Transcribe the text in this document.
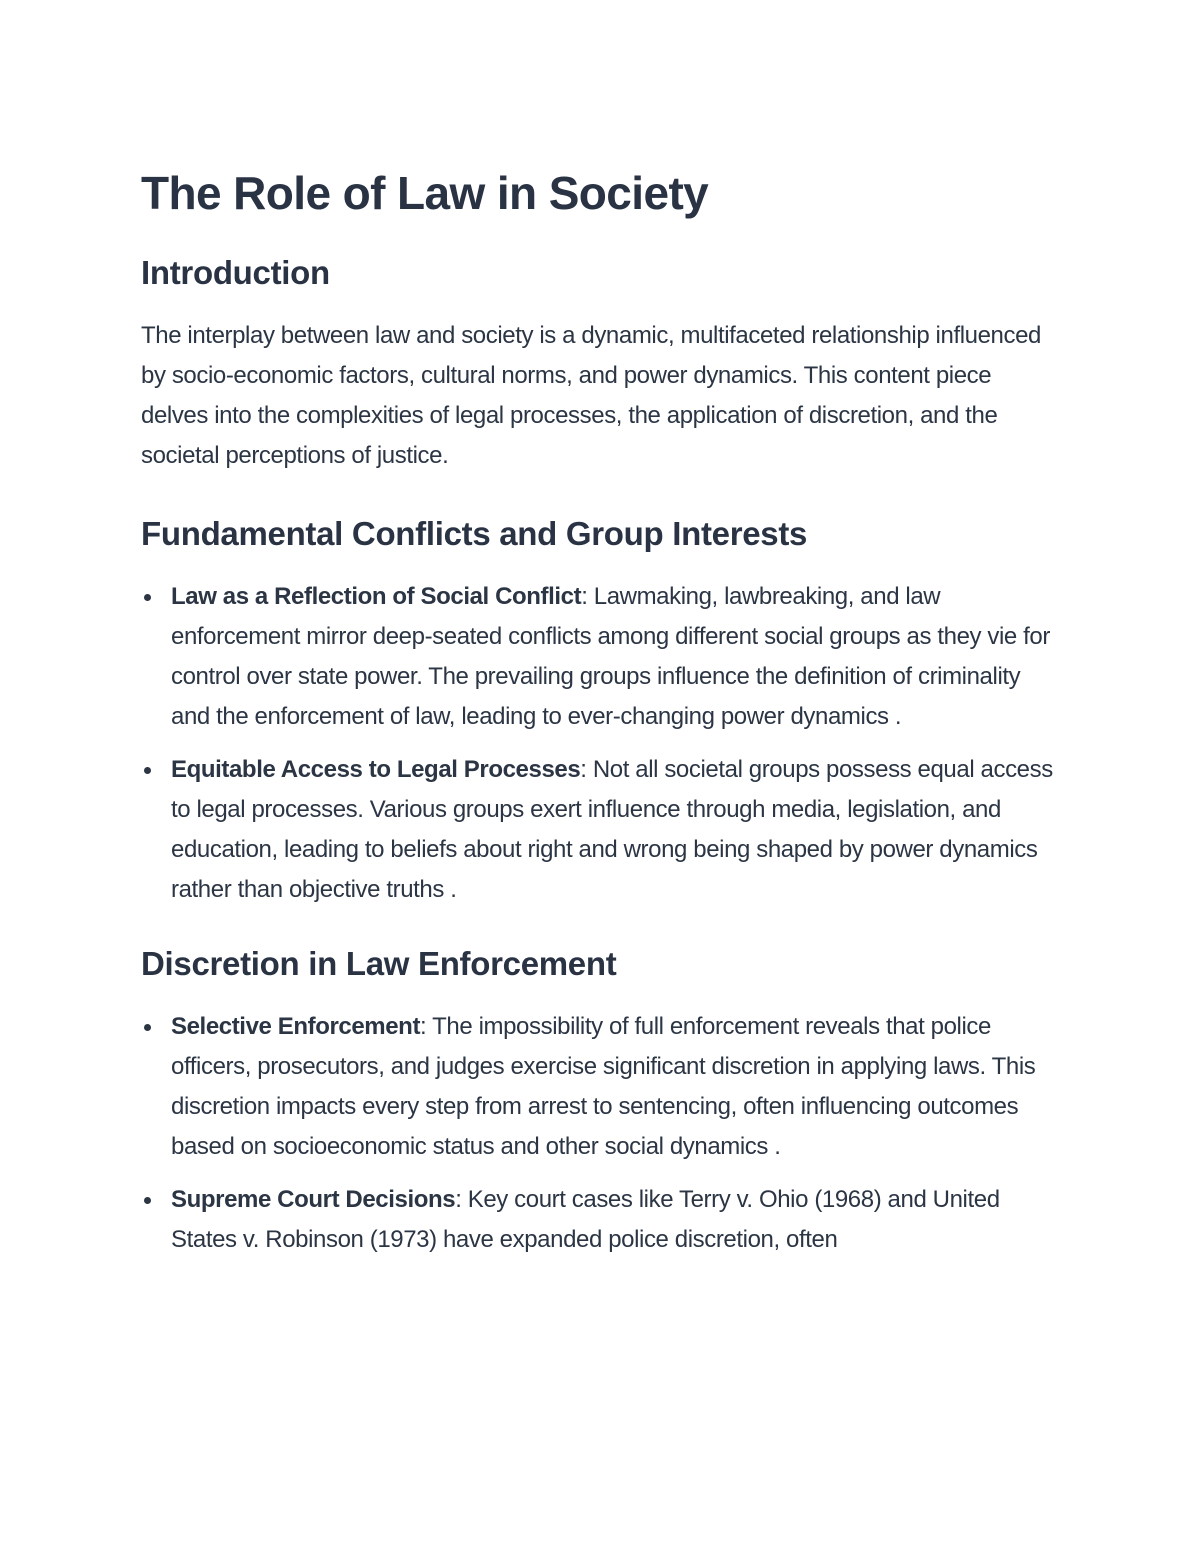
The Role of Law in Society
Introduction

The interplay between law and society is a dynamic, multifaceted relationship influenced by socio-economic factors, cultural norms, and power dynamics. This content piece delves into the complexities of legal processes, the application of discretion, and the societal perceptions of justice.

Fundamental Conflicts and Group Interests
Law as a Reflection of Social Conflict: Lawmaking, lawbreaking, and law enforcement mirror deep-seated conflicts among different social groups as they vie for control over state power. The prevailing groups influence the definition of criminality and the enforcement of law, leading to ever-changing power dynamics .
Equitable Access to Legal Processes: Not all societal groups possess equal access to legal processes. Various groups exert influence through media, legislation, and education, leading to beliefs about right and wrong being shaped by power dynamics rather than objective truths .
Discretion in Law Enforcement
Selective Enforcement: The impossibility of full enforcement reveals that police officers, prosecutors, and judges exercise significant discretion in applying laws. This discretion impacts every step from arrest to sentencing, often influencing outcomes based on socioeconomic status and other social dynamics .
Supreme Court Decisions: Key court cases like Terry v. Ohio (1968) and United States v. Robinson (1973) have expanded police discretion, often
